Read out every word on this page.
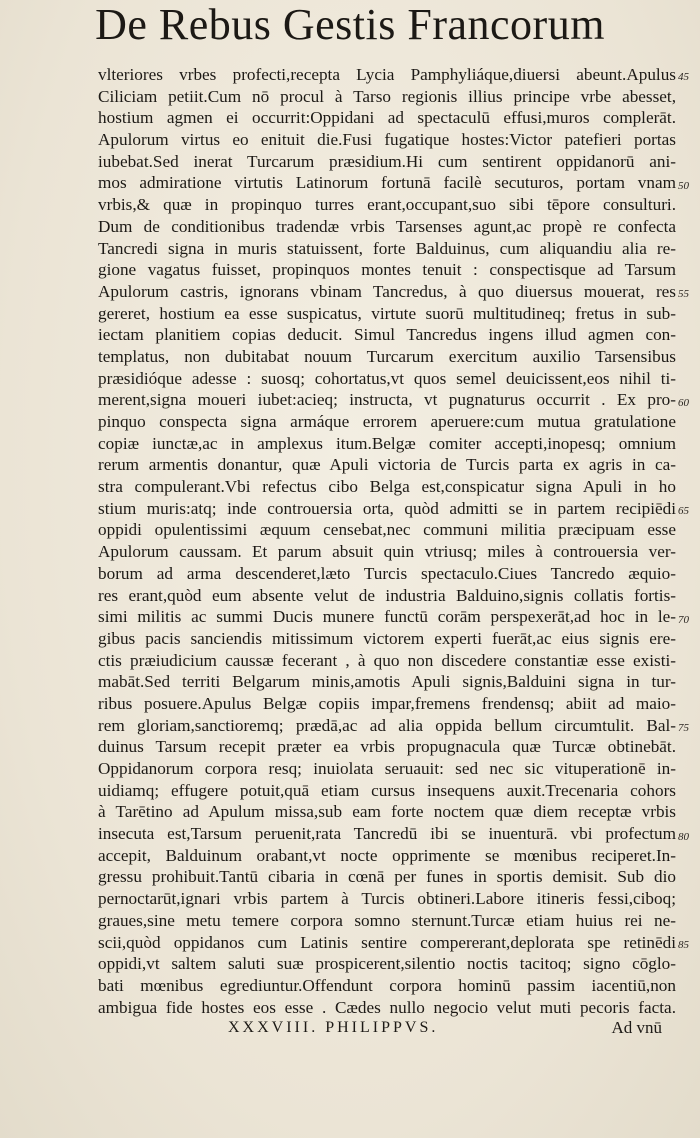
De Rebus Gestis Francorum
vlteriores vrbes profecti,recepta Lycia Pamphyliáque,diuersi abeunt.Apulus
Ciliciam petiit.Cum nō procul à Tarso regionis illius principe vrbe abesset,
hostium agmen ei occurrit:Oppidani ad spectaculū effusi,muros complerāt.
Apulorum virtus eo enituit die.Fusi fugatique hostes:Victor patefieri portas
iubebat.Sed inerat Turcarum præsidium.Hi cum sentirent oppidanorū ani-
mos admiratione virtutis Latinorum fortunā facilè secuturos, portam vnam
vrbis,& quæ in propinquo turres erant,occupant,suo sibi tēpore consulturi.
Dum de conditionibus tradendæ vrbis Tarsenses agunt,ac propè re confecta
Tancredi signa in muris statuissent, forte Balduinus, cum aliquandiu alia re-
gione vagatus fuisset, propinquos montes tenuit : conspectisque ad Tarsum
Apulorum castris, ignorans vbinam Tancredus, à quo diuersus mouerat, res
gereret, hostium ea esse suspicatus, virtute suorū multitudineq; fretus in sub-
iectam planitiem copias deducit. Simul Tancredus ingens illud agmen con-
templatus, non dubitabat nouum Turcarum exercitum auxilio Tarsensibus
præsidióque adesse : suosq; cohortatus,vt quos semel deuicissent,eos nihil ti-
merent,signa moueri iubet:acieq; instructa, vt pugnaturus occurrit . Ex pro-
pinquo conspecta signa armáque errorem aperuere:cum mutua gratulatione
copiæ iunctæ,ac in amplexus itum.Belgæ comiter accepti,inopesq; omnium
rerum armentis donantur, quæ Apuli victoria de Turcis parta ex agris in ca-
stra compulerant.Vbi refectus cibo Belga est,conspicatur signa Apuli in ho
stium muris:atq; inde controuersia orta, quòd admitti se in partem recipiēdi
oppidi opulentissimi æquum censebat,nec communi militia præcipuam esse
Apulorum caussam. Et parum absuit quin vtriusq; miles à controuersia ver-
borum ad arma descenderet,læto Turcis spectaculo.Ciues Tancredo æquio-
res erant,quòd eum absente velut de industria Balduino,signis collatis fortis-
simi militis ac summi Ducis munere functū corām perspexerāt,ad hoc in le-
gibus pacis sanciendis mitissimum victorem experti fuerāt,ac eius signis ere-
ctis præiudicium caussæ fecerant , à quo non discedere constantiæ esse existi-
mabāt.Sed territi Belgarum minis,amotis Apuli signis,Balduini signa in tur-
ribus posuere.Apulus Belgæ copiis impar,fremens frendensq; abiit ad maio-
rem gloriam,sanctioremq; prædā,ac ad alia oppida bellum circumtulit. Bal-
duinus Tarsum recepit præter ea vrbis propugnacula quæ Turcæ obtinebāt.
Oppidanorum corpora resq; inuiolata seruauit: sed nec sic vituperationē in-
uidiamq; effugere potuit,quā etiam cursus insequens auxit.Trecenaria cohors
à Tarētino ad Apulum missa,sub eam forte noctem quæ diem receptæ vrbis
insecuta est,Tarsum peruenit,rata Tancredū ibi se inuenturā. vbi profectum
accepit, Balduinum orabant,vt nocte opprimente se mœnibus reciperet.In-
gressu prohibuit.Tantū cibaria in cœnā per funes in sportis demisit. Sub dio
pernoctarūt,ignari vrbis partem à Turcis obtineri.Labore itineris fessi,ciboq;
graues,sine metu temere corpora somno sternunt.Turcæ etiam huius rei ne-
scii,quòd oppidanos cum Latinis sentire compererant,deplorata spe retinēdi
oppidi,vt saltem saluti suæ prospicerent,silentio noctis tacitoq; signo cōglo-
bati mœnibus egrediuntur.Offendunt corpora hominū passim iacentiū,non
ambigua fide hostes eos esse . Cædes nullo negocio velut muti pecoris facta.
45
50
55
60
65
70
75
80
85
XXXVIII. PHILIPPVS.	Ad vnū
